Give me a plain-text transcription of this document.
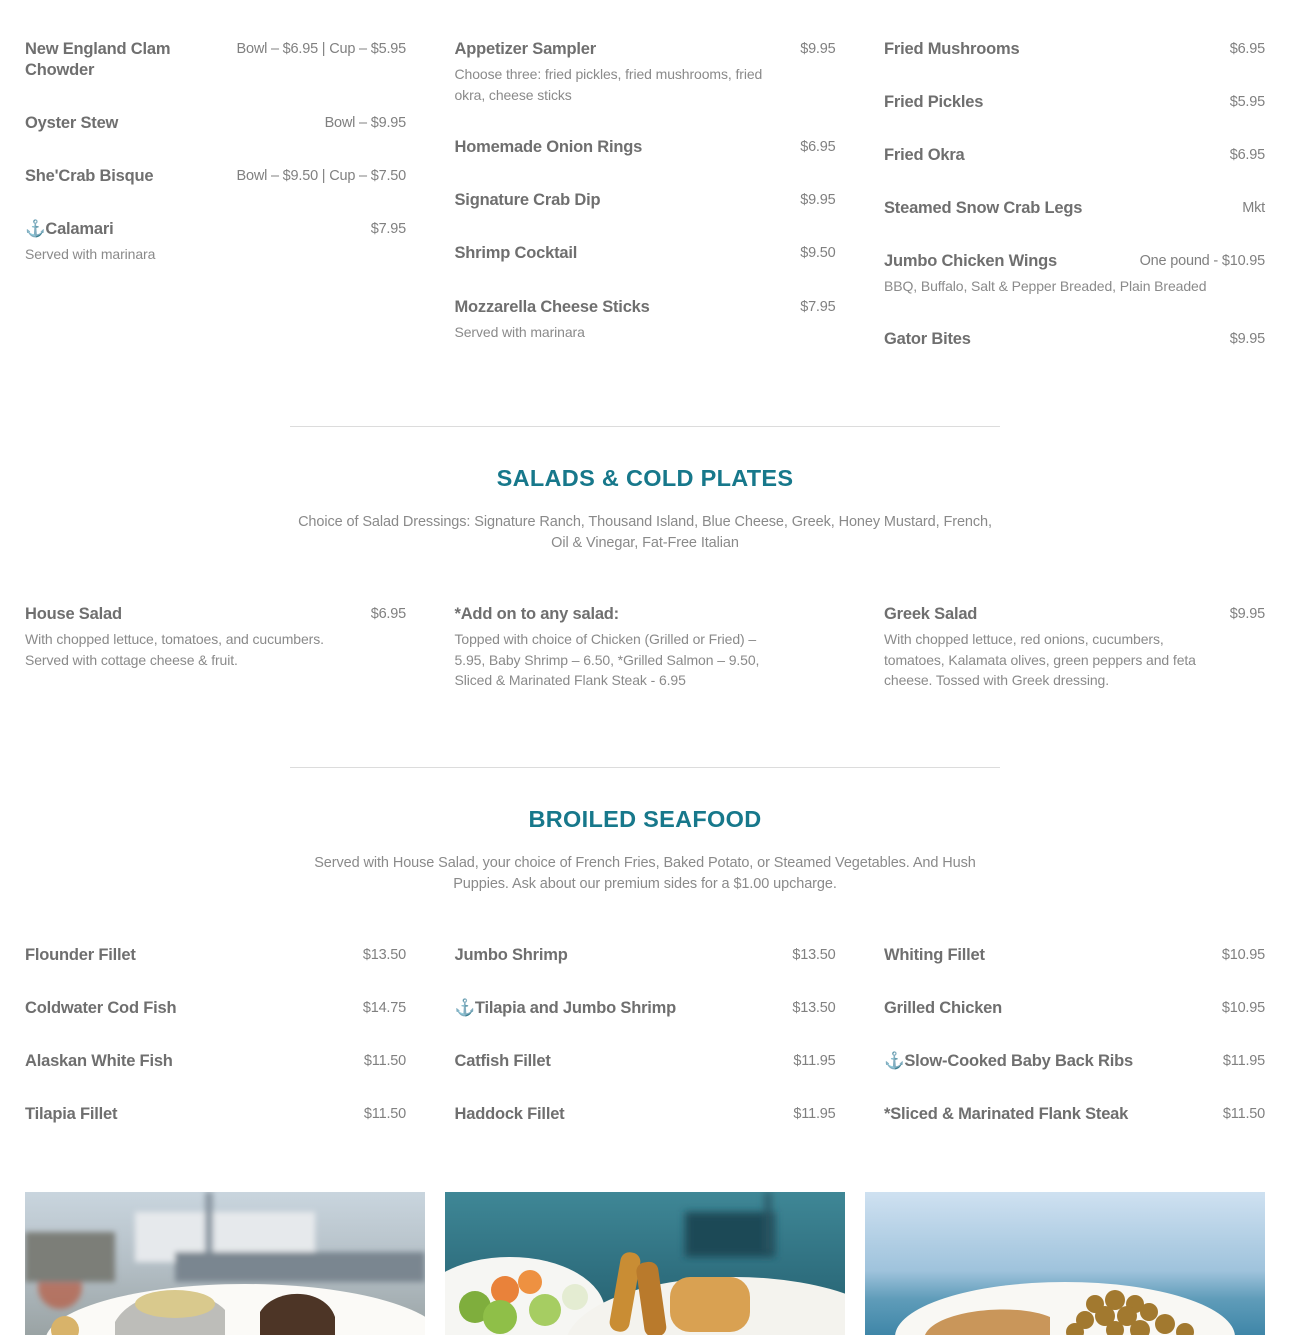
New England Clam Chowder
Bowl – $6.95 | Cup – $5.95
Oyster Stew	Bowl – $9.95
She'Crab Bisque	Bowl – $9.50 | Cup – $7.50
⚓Calamari	$7.95
Served with marinara
Appetizer Sampler	$9.95
Choose three: fried pickles, fried mushrooms, fried okra, cheese sticks
Homemade Onion Rings	$6.95
Signature Crab Dip	$9.95
Shrimp Cocktail	$9.50
Mozzarella Cheese Sticks	$7.95
Served with marinara
Fried Mushrooms	$6.95
Fried Pickles	$5.95
Fried Okra	$6.95
Steamed Snow Crab Legs	Mkt
Jumbo Chicken Wings	One pound - $10.95
BBQ, Buffalo, Salt & Pepper Breaded, Plain Breaded
Gator Bites	$9.95
SALADS & COLD PLATES
Choice of Salad Dressings: Signature Ranch, Thousand Island, Blue Cheese, Greek, Honey Mustard, French, Oil & Vinegar, Fat-Free Italian
House Salad	$6.95
With chopped lettuce, tomatoes, and cucumbers. Served with cottage cheese & fruit.
*Add on to any salad:
Topped with choice of Chicken (Grilled or Fried) – 5.95, Baby Shrimp – 6.50, *Grilled Salmon – 9.50, Sliced & Marinated Flank Steak - 6.95
Greek Salad	$9.95
With chopped lettuce, red onions, cucumbers, tomatoes, Kalamata olives, green peppers and feta cheese. Tossed with Greek dressing.
BROILED SEAFOOD
Served with House Salad, your choice of French Fries, Baked Potato, or Steamed Vegetables. And Hush Puppies. Ask about our premium sides for a $1.00 upcharge.
Flounder Fillet	$13.50
Coldwater Cod Fish	$14.75
Alaskan White Fish	$11.50
Tilapia Fillet	$11.50
Jumbo Shrimp	$13.50
⚓Tilapia and Jumbo Shrimp	$13.50
Catfish Fillet	$11.95
Haddock Fillet	$11.95
Whiting Fillet	$10.95
Grilled Chicken	$10.95
⚓Slow-Cooked Baby Back Ribs	$11.95
*Sliced & Marinated Flank Steak	$11.50
